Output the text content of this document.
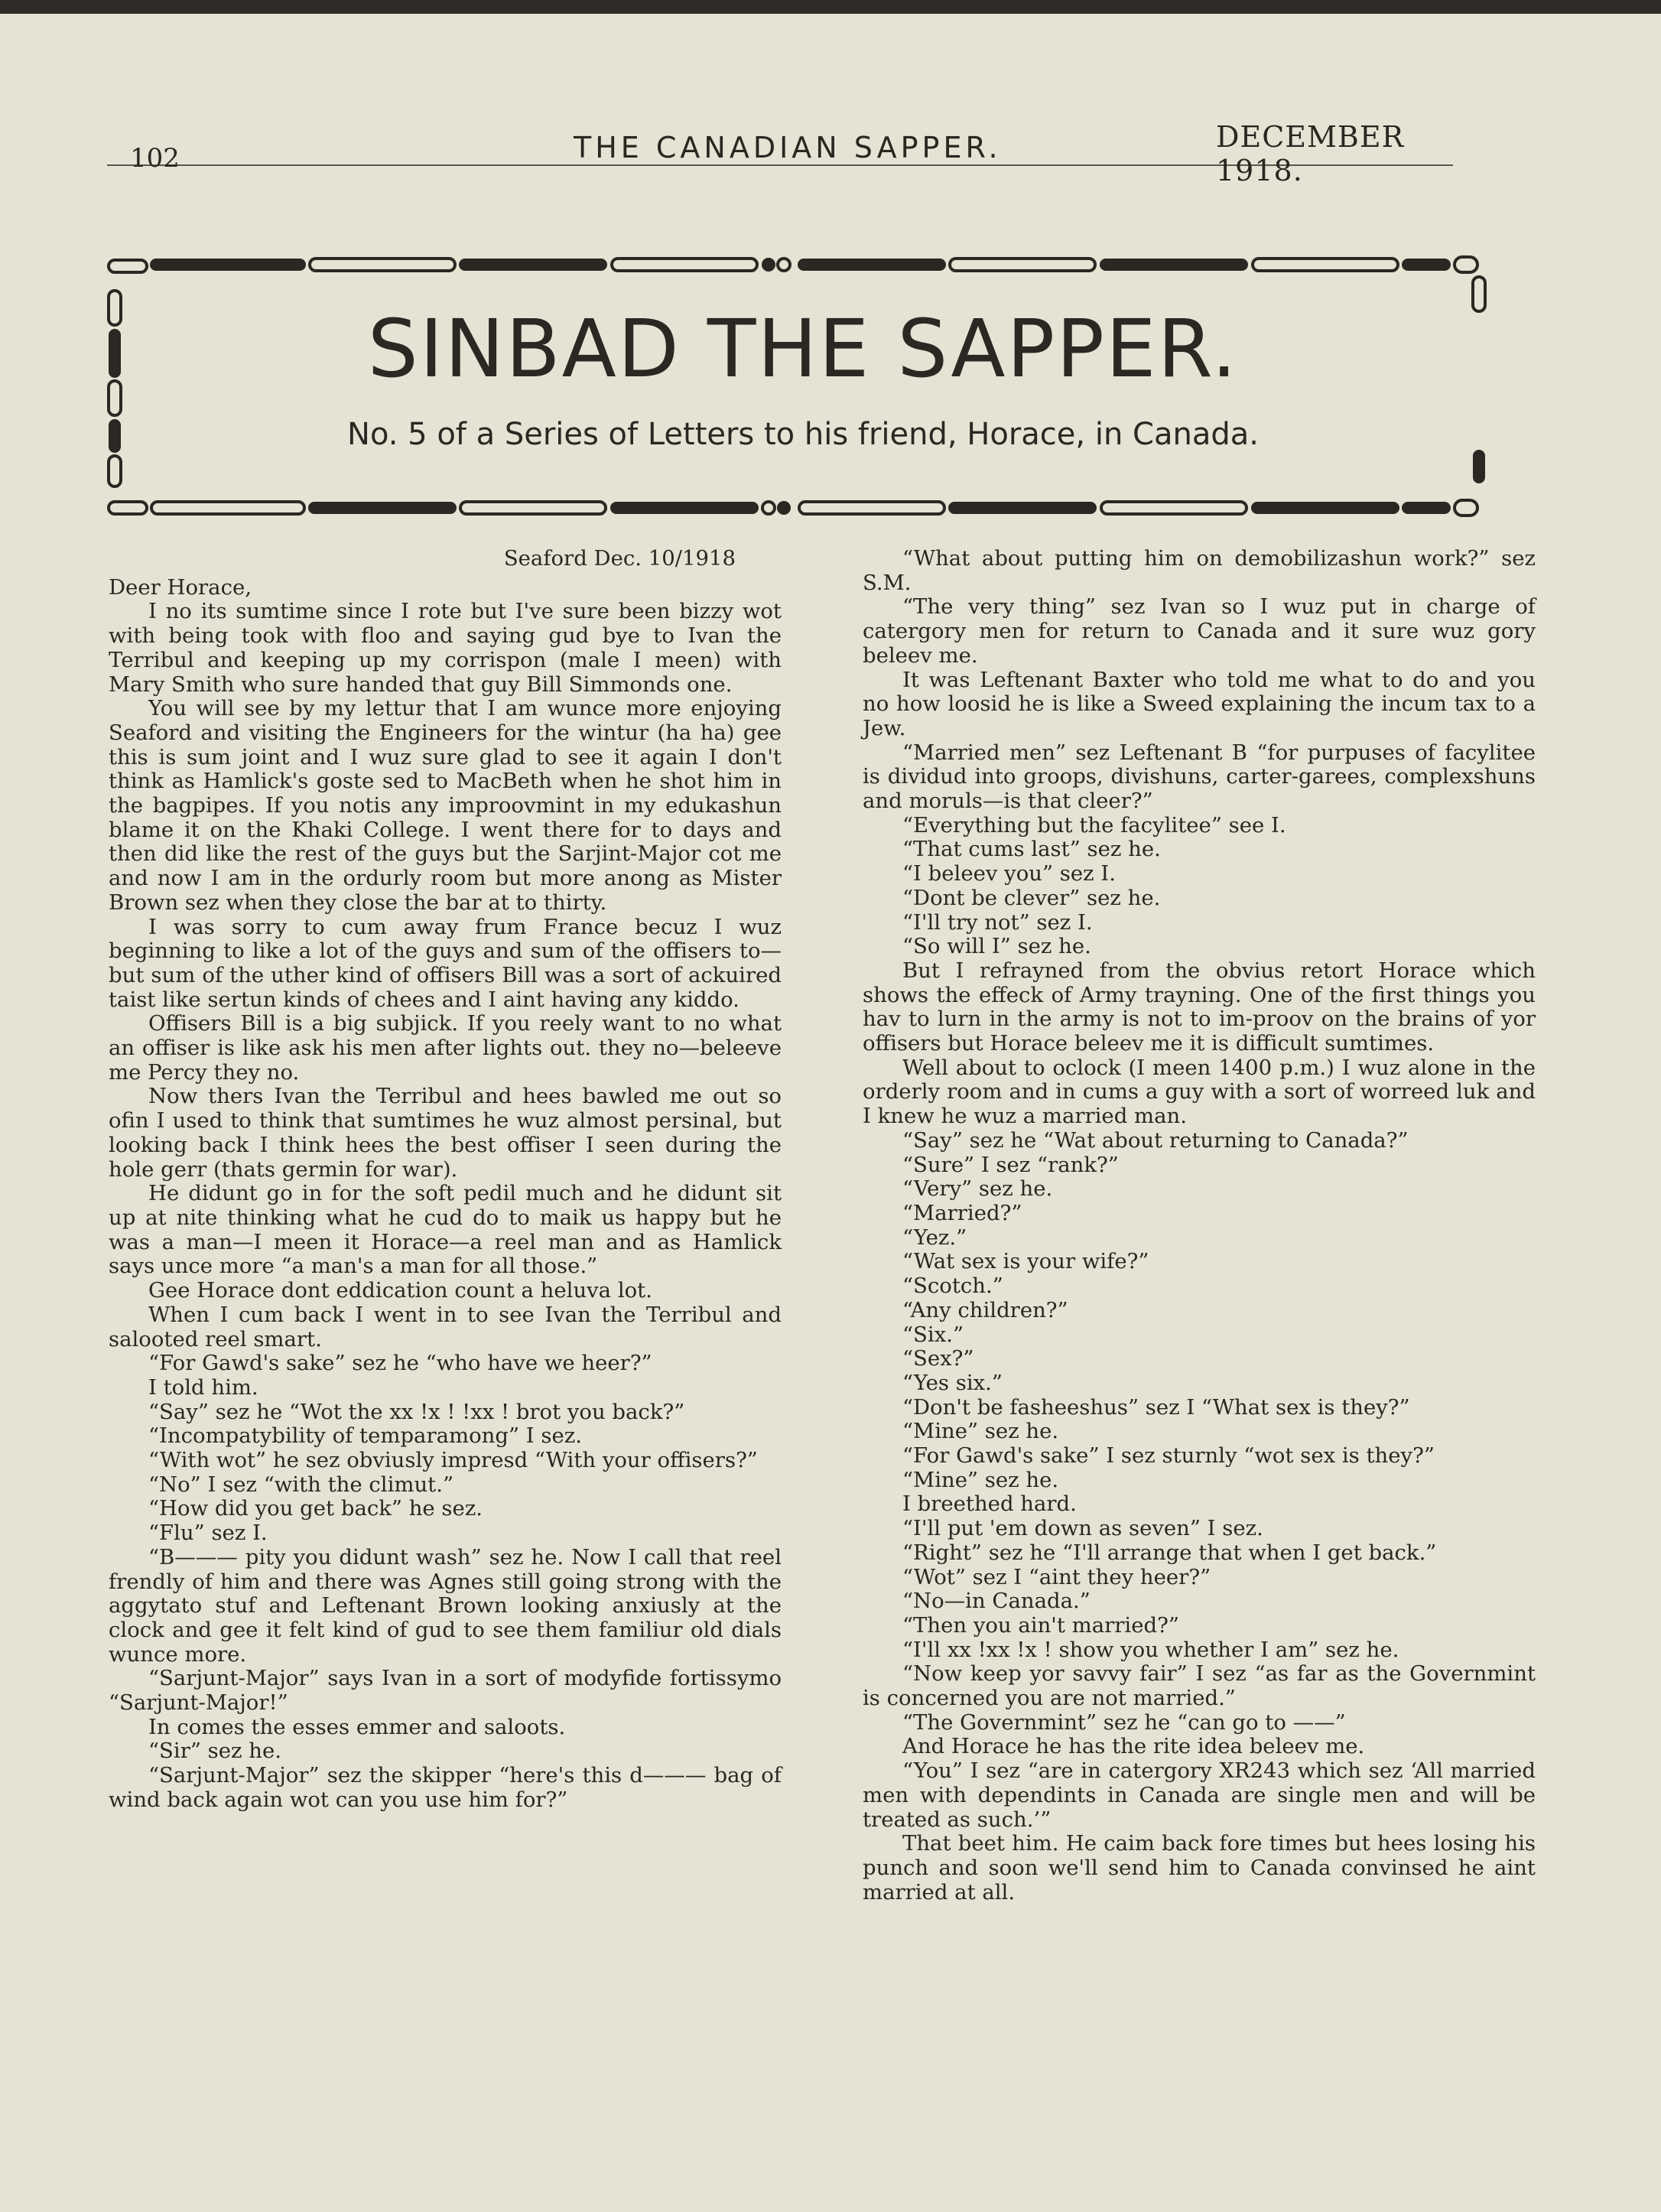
102	THE CANADIAN SAPPER.	DECEMBER 1918.
SINBAD THE SAPPER.
No. 5 of a Series of Letters to his friend, Horace, in Canada.

Seaford Dec. 10/1918

Deer Horace,

I no its sumtime since I rote but I've sure been bizzy wot with being took with floo and saying gud bye to Ivan the Terribul and keeping up my corrispon (male I meen) with Mary Smith who sure handed that guy Bill Simmonds one.

You will see by my lettur that I am wunce more enjoying Seaford and visiting the Engineers for the wintur (ha ha) gee this is sum joint and I wuz sure glad to see it again I don't think as Hamlick's goste sed to MacBeth when he shot him in the bagpipes. If you notis any improovmint in my edukashun blame it on the Khaki College. I went there for to days and then did like the rest of the guys but the Sarjint-Major cot me and now I am in the ordurly room but more anong as Mister Brown sez when they close the bar at to thirty.

I was sorry to cum away frum France becuz I wuz beginning to like a lot of the guys and sum of the offisers to—but sum of the uther kind of offisers Bill was a sort of ackuired taist like sertun kinds of chees and I aint having any kiddo.

Offisers Bill is a big subjick. If you reely want to no what an offiser is like ask his men after lights out. they no—beleeve me Percy they no.

Now thers Ivan the Terribul and hees bawled me out so ofin I used to think that sumtimes he wuz almost persinal, but looking back I think hees the best offiser I seen during the hole gerr (thats germin for war).

He didunt go in for the soft pedil much and he didunt sit up at nite thinking what he cud do to maik us happy but he was a man—I meen it Horace—a reel man and as Hamlick says unce more “a man's a man for all those.”

Gee Horace dont eddication count a heluva lot.

When I cum back I went in to see Ivan the Terribul and salooted reel smart.

“For Gawd's sake” sez he “who have we heer?”

I told him.

“Say” sez he “Wot the xx !x ! !xx ! brot you back?”

“Incompatybility of temparamong” I sez.

“With wot” he sez obviusly impresd “With your offisers?”

“No” I sez “with the climut.”

“How did you get back” he sez.

“Flu” sez I.

“B——— pity you didunt wash” sez he. Now I call that reel frendly of him and there was Agnes still going strong with the aggytato stuf and Leftenant Brown looking anxiusly at the clock and gee it felt kind of gud to see them familiur old dials wunce more.

“Sarjunt-Major” says Ivan in a sort of modyfide fortissymo “Sarjunt-Major!”

In comes the esses emmer and saloots.

“Sir” sez he.

“Sarjunt-Major” sez the skipper “here's this d——— bag of wind back again wot can you use him for?”

“What about putting him on demobilizashun work?” sez S.M.

“The very thing” sez Ivan so I wuz put in charge of catergory men for return to Canada and it sure wuz gory beleev me.

It was Leftenant Baxter who told me what to do and you no how loosid he is like a Sweed explaining the incum tax to a Jew.

“Married men” sez Leftenant B “for purpuses of facylitee is dividud into groops, divishuns, carter-garees, complexshuns and moruls—is that cleer?”

“Everything but the facylitee” see I.

“That cums last” sez he.

“I beleev you” sez I.

“Dont be clever” sez he.

“I'll try not” sez I.

“So will I” sez he.

But I refrayned from the obvius retort Horace which shows the effeck of Army trayning. One of the first things you hav to lurn in the army is not to im-proov on the brains of yor offisers but Horace beleev me it is difficult sumtimes.

Well about to oclock (I meen 1400 p.m.) I wuz alone in the orderly room and in cums a guy with a sort of worreed luk and I knew he wuz a married man.

“Say” sez he “Wat about returning to Canada?”

“Sure” I sez “rank?”

“Very” sez he.

“Married?”

“Yez.”

“Wat sex is your wife?”

“Scotch.”

“Any children?”

“Six.”

“Sex?”

“Yes six.”

“Don't be fasheeshus” sez I “What sex is they?”

“Mine” sez he.

“For Gawd's sake” I sez sturnly “wot sex is they?”

“Mine” sez he.

I breethed hard.

“I'll put 'em down as seven” I sez.

“Right” sez he “I'll arrange that when I get back.”

“Wot” sez I “aint they heer?”

“No—in Canada.”

“Then you ain't married?”

“I'll xx !xx !x ! show you whether I am” sez he.

“Now keep yor savvy fair” I sez “as far as the Governmint is concerned you are not married.”

“The Governmint” sez he “can go to ——”

And Horace he has the rite idea beleev me.

“You” I sez “are in catergory XR243 which sez ‘All married men with dependints in Canada are single men and will be treated as such.’”

That beet him. He caim back fore times but hees losing his punch and soon we'll send him to Canada convinsed he aint married at all.
